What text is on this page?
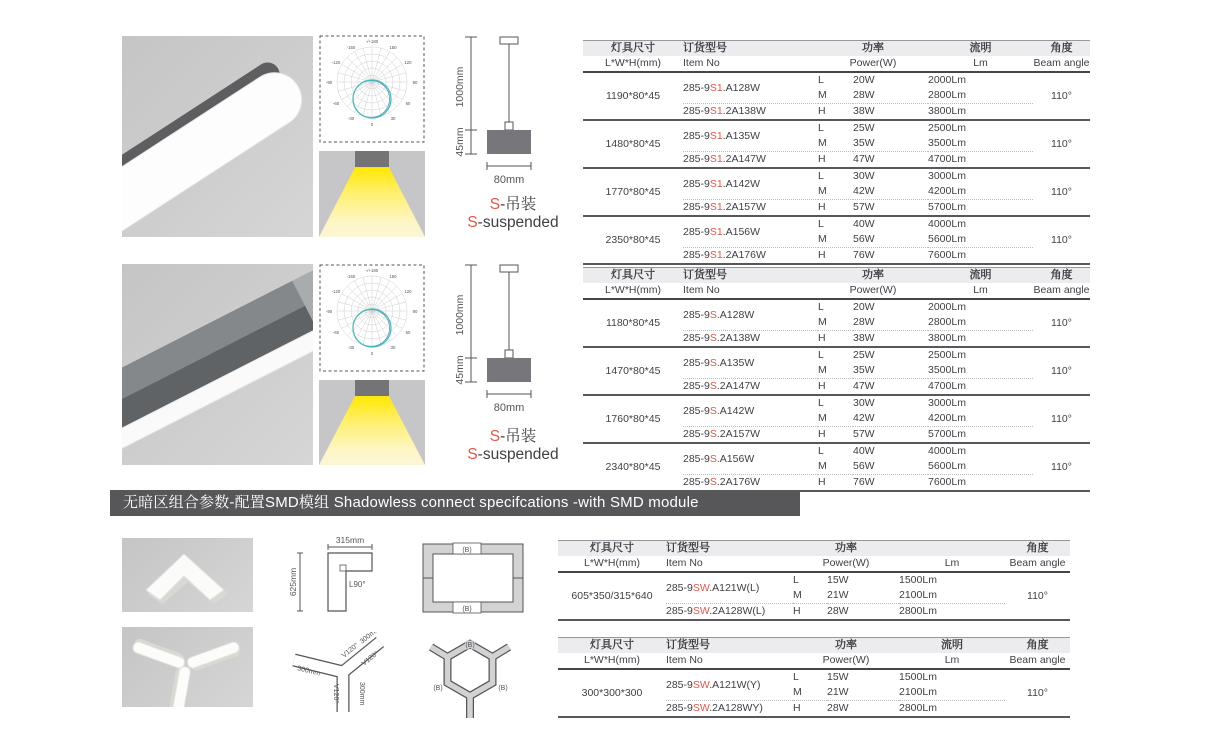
-/+180
150
-150
120
-120
90
-90
60
-60
30
-30
0
1000mm
45mm
80mm
S-吊装
S-suspended
灯具尺寸	订货型号	功率		流明	角度
L*W*H(mm)	Item No	Power(W)		Lm	Beam angle
1190*80*45	285-9S1.A128W	L	20W	2000Lm	110°
		M	28W	2800Lm	
	285-9S1.2A138W	H	38W	3800Lm	
1480*80*45	285-9S1.A135W	L	25W	2500Lm	110°
		M	35W	3500Lm	
	285-9S1.2A147W	H	47W	4700Lm	
1770*80*45	285-9S1.A142W	L	30W	3000Lm	110°
		M	42W	4200Lm	
	285-9S1.2A157W	H	57W	5700Lm	
2350*80*45	285-9S1.A156W	L	40W	4000Lm	110°
		M	56W	5600Lm	
	285-9S1.2A176W	H	76W	7600Lm	
-/+180
150
-150
120
-120
90
-90
60
-60
30
-30
0
1000mm
45mm
80mm
S-吊装
S-suspended
灯具尺寸	订货型号	功率		流明	角度
L*W*H(mm)	Item No	Power(W)		Lm	Beam angle
1180*80*45	285-9S.A128W	L	20W	2000Lm	110°
		M	28W	2800Lm	
	285-9S.2A138W	H	38W	3800Lm	
1470*80*45	285-9S.A135W	L	25W	2500Lm	110°
		M	35W	3500Lm	
	285-9S.2A147W	H	47W	4700Lm	
1760*80*45	285-9S.A142W	L	30W	3000Lm	110°
		M	42W	4200Lm	
	285-9S.2A157W	H	57W	5700Lm	
2340*80*45	285-9S.A156W	L	40W	4000Lm	110°
		M	56W	5600Lm	
	285-9S.2A176W	H	76W	7600Lm	
无暗区组合参数-配置SMD模组 Shadowless connect specifcations -with SMD module
315mm
625mm	L90°
(B)
(B)
灯具尺寸	订货型号	功率			角度
L*W*H(mm)	Item No	Power(W)		Lm	Beam angle
605*350/315*640	285-9SW.A121W(L)	L	15W	1500Lm	110°
		M	21W	2100Lm	
	285-9SW.2A128W(L)	H	28W	2800Lm	
V120°
300mm
V120°
300mm
V120°	300mm
(B)
(B)	(B)
灯具尺寸	订货型号	功率		流明	角度
L*W*H(mm)	Item No	Power(W)		Lm	Beam angle
300*300*300	285-9SW.A121W(Y)	L	15W	1500Lm	110°
		M	21W	2100Lm	
	285-9SW.2A128WY)	H	28W	2800Lm	
